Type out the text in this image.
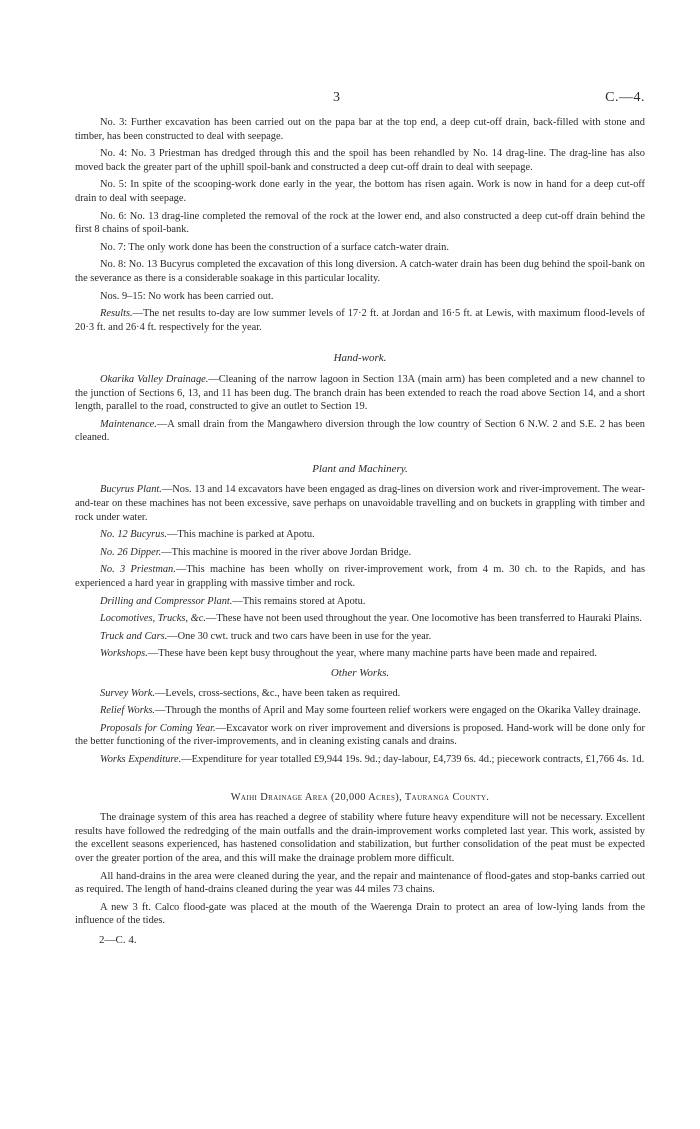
3	C.—4.

No. 3: Further excavation has been carried out on the papa bar at the top end, a deep cut-off drain, back-filled with stone and timber, has been constructed to deal with seepage.

No. 4: No. 3 Priestman has dredged through this and the spoil has been rehandled by No. 14 drag-line. The drag-line has also moved back the greater part of the uphill spoil-bank and constructed a deep cut-off drain to deal with seepage.

No. 5: In spite of the scooping-work done early in the year, the bottom has risen again. Work is now in hand for a deep cut-off drain to deal with seepage.

No. 6: No. 13 drag-line completed the removal of the rock at the lower end, and also constructed a deep cut-off drain behind the first 8 chains of spoil-bank.

No. 7: The only work done has been the construction of a surface catch-water drain.

No. 8: No. 13 Bucyrus completed the excavation of this long diversion. A catch-water drain has been dug behind the spoil-bank on the severance as there is a considerable soakage in this particular locality.

Nos. 9–15: No work has been carried out.

Results.—The net results to-day are low summer levels of 17·2 ft. at Jordan and 16·5 ft. at Lewis, with maximum flood-levels of 20·3 ft. and 26·4 ft. respectively for the year.

Hand-work.

Okarika Valley Drainage.—Cleaning of the narrow lagoon in Section 13A (main arm) has been completed and a new channel to the junction of Sections 6, 13, and 11 has been dug. The branch drain has been extended to reach the road above Section 14, and a short length, parallel to the road, constructed to give an outlet to Section 19.

Maintenance.—A small drain from the Mangawhero diversion through the low country of Section 6 N.W. 2 and S.E. 2 has been cleaned.

Plant and Machinery.

Bucyrus Plant.—Nos. 13 and 14 excavators have been engaged as drag-lines on diversion work and river-improvement. The wear-and-tear on these machines has not been excessive, save perhaps on unavoidable travelling and on buckets in grappling with timber and rock under water.

No. 12 Bucyrus.—This machine is parked at Apotu.

No. 26 Dipper.—This machine is moored in the river above Jordan Bridge.

No. 3 Priestman.—This machine has been wholly on river-improvement work, from 4 m. 30 ch. to the Rapids, and has experienced a hard year in grappling with massive timber and rock.

Drilling and Compressor Plant.—This remains stored at Apotu.

Locomotives, Trucks, &c.—These have not been used throughout the year. One locomotive has been transferred to Hauraki Plains.

Truck and Cars.—One 30 cwt. truck and two cars have been in use for the year.

Workshops.—These have been kept busy throughout the year, where many machine parts have been made and repaired.

Other Works.

Survey Work.—Levels, cross-sections, &c., have been taken as required.

Relief Works.—Through the months of April and May some fourteen relief workers were engaged on the Okarika Valley drainage.

Proposals for Coming Year.—Excavator work on river improvement and diversions is proposed. Hand-work will be done only for the better functioning of the river-improvements, and in cleaning existing canals and drains.

Works Expenditure.—Expenditure for year totalled £9,944 19s. 9d.; day-labour, £4,739 6s. 4d.; piecework contracts, £1,766 4s. 1d.

Waihi Drainage Area (20,000 Acres), Tauranga County.

The drainage system of this area has reached a degree of stability where future heavy expenditure will not be necessary. Excellent results have followed the redredging of the main outfalls and the drain-improvement works completed last year. This work, assisted by the excellent seasons experienced, has hastened consolidation and stabilization, but further consolidation of the peat must be expected over the greater portion of the area, and this will make the drainage problem more difficult.

All hand-drains in the area were cleaned during the year, and the repair and maintenance of flood-gates and stop-banks carried out as required. The length of hand-drains cleaned during the year was 44 miles 73 chains.

A new 3 ft. Calco flood-gate was placed at the mouth of the Waerenga Drain to protect an area of low-lying lands from the influence of the tides.

2—C. 4.
